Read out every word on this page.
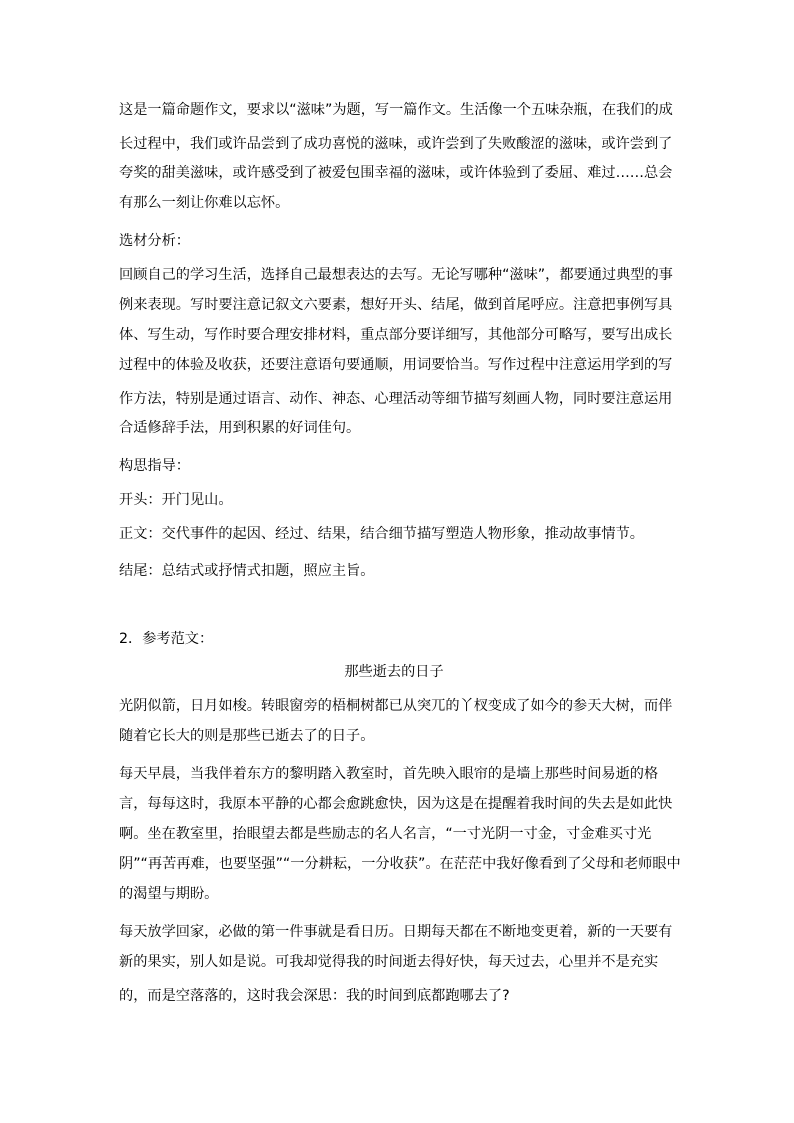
这是一篇命题作文，要求以“滋味”为题，写一篇作文。生活像一个五味杂瓶，在我们的成
长过程中，我们或许品尝到了成功喜悦的滋味，或许尝到了失败酸涩的滋味，或许尝到了
夸奖的甜美滋味，或许感受到了被爱包围幸福的滋味，或许体验到了委屈、难过……总会
有那么一刻让你难以忘怀。
选材分析：
回顾自己的学习生活，选择自己最想表达的去写。无论写哪种“滋味”，都要通过典型的事
例来表现。写时要注意记叙文六要素，想好开头、结尾，做到首尾呼应。注意把事例写具
体、写生动，写作时要合理安排材料，重点部分要详细写，其他部分可略写，要写出成长
过程中的体验及收获，还要注意语句要通顺，用词要恰当。写作过程中注意运用学到的写
作方法，特别是通过语言、动作、神态、心理活动等细节描写刻画人物，同时要注意运用
合适修辞手法，用到积累的好词佳句。
构思指导：
开头：开门见山。
正文：交代事件的起因、经过、结果，结合细节描写塑造人物形象，推动故事情节。
结尾：总结式或抒情式扣题，照应主旨。
2．参考范文：
那些逝去的日子
光阴似箭，日月如梭。转眼窗旁的梧桐树都已从突兀的丫杈变成了如今的参天大树，而伴
随着它长大的则是那些已逝去了的日子。
每天早晨，当我伴着东方的黎明踏入教室时，首先映入眼帘的是墙上那些时间易逝的格
言，每每这时，我原本平静的心都会愈跳愈快，因为这是在提醒着我时间的失去是如此快
啊。坐在教室里，抬眼望去都是些励志的名人名言，“一寸光阴一寸金，寸金难买寸光
阴”“再苦再难，也要坚强”“一分耕耘，一分收获”。在茫茫中我好像看到了父母和老师眼中
的渴望与期盼。
每天放学回家，必做的第一件事就是看日历。日期每天都在不断地变更着，新的一天要有
新的果实，别人如是说。可我却觉得我的时间逝去得好快，每天过去，心里并不是充实
的，而是空落落的，这时我会深思：我的时间到底都跑哪去了?
